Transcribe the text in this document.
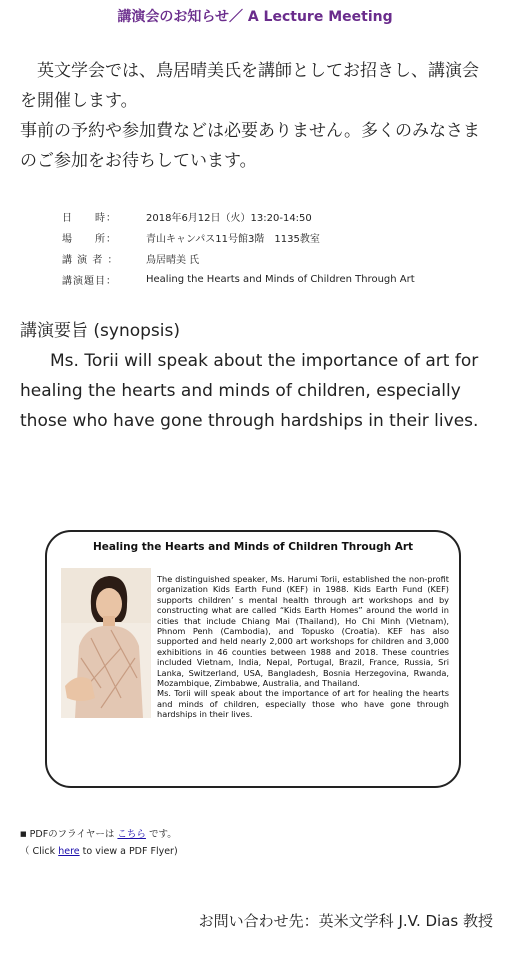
講演会のお知らせ／ A Lecture Meeting

英文学会では、鳥居晴美氏を講師としてお招きし、講演会を開催します。

事前の予約や参加費などは必要ありません。多くのみなさまのご参加をお待ちしています。

日　　時：	2018年6月12日（火）13:20-14:50
場　　所：	青山キャンパス11号館3階　1135教室
講 演 者 ：	鳥居晴美 氏
講演題目：	Healing the Hearts and Minds of Children Through Art

講演要旨 (synopsis)

Ms. Torii will speak about the importance of art for healing the hearts and minds of children, especially those who have gone through hardships in their lives.

Healing the Hearts and Minds of Children Through Art

The distinguished speaker, Ms. Harumi Torii, established the non-profit organization Kids Earth Fund (KEF) in 1988. Kids Earth Fund (KEF) supports children’ s mental health through art workshops and by constructing what are called “Kids Earth Homes” around the world in cities that include Chiang Mai (Thailand), Ho Chi Minh (Vietnam), Phnom Penh (Cambodia), and Topusko (Croatia). KEF has also supported and held nearly 2,000 art workshops for children and 3,000 exhibitions in 46 counties between 1988 and 2018. These countries included Vietnam, India, Nepal, Portugal, Brazil, France, Russia, Sri Lanka, Switzerland, USA, Bangladesh, Bosnia Herzegovina, Rwanda, Mozambique, Zimbabwe, Australia, and Thailand.

Ms. Torii will speak about the importance of art for healing the hearts and minds of children, especially those who have gone through hardships in their lives.

■ PDFのフライヤーは こちら です。
（ Click here to view a PDF Flyer)
お問い合わせ先：英米文学科 J.V. Dias 教授
